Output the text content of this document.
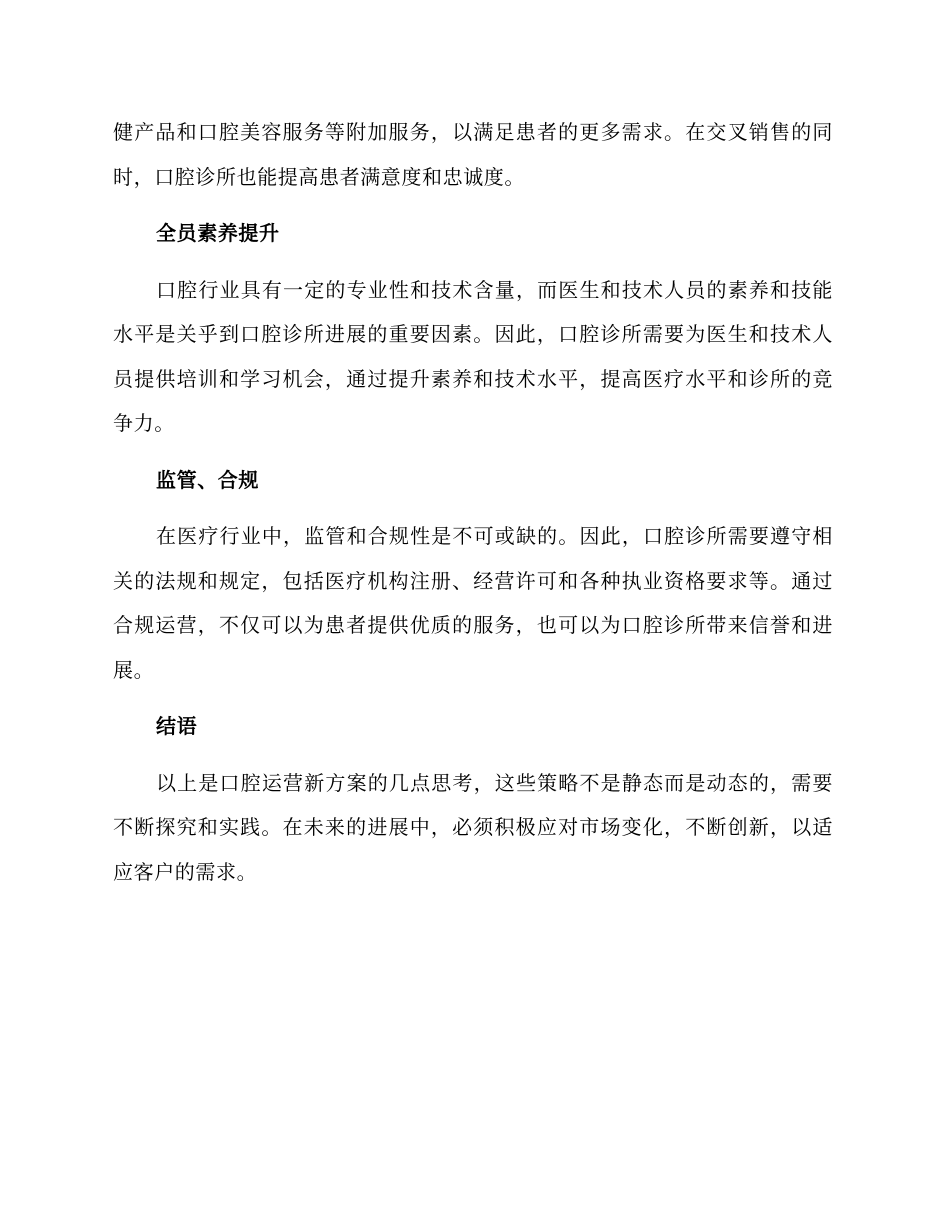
健产品和口腔美容服务等附加服务，以满足患者的更多需求。在交叉销售的同时，口腔诊所也能提高患者满意度和忠诚度。

全员素养提升

口腔行业具有一定的专业性和技术含量，而医生和技术人员的素养和技能水平是关乎到口腔诊所进展的重要因素。因此，口腔诊所需要为医生和技术人员提供培训和学习机会，通过提升素养和技术水平，提高医疗水平和诊所的竞争力。

监管、合规

在医疗行业中，监管和合规性是不可或缺的。因此，口腔诊所需要遵守相关的法规和规定，包括医疗机构注册、经营许可和各种执业资格要求等。通过合规运营，不仅可以为患者提供优质的服务，也可以为口腔诊所带来信誉和进展。

结语

以上是口腔运营新方案的几点思考，这些策略不是静态而是动态的，需要不断探究和实践。在未来的进展中，必须积极应对市场变化，不断创新，以适应客户的需求。
